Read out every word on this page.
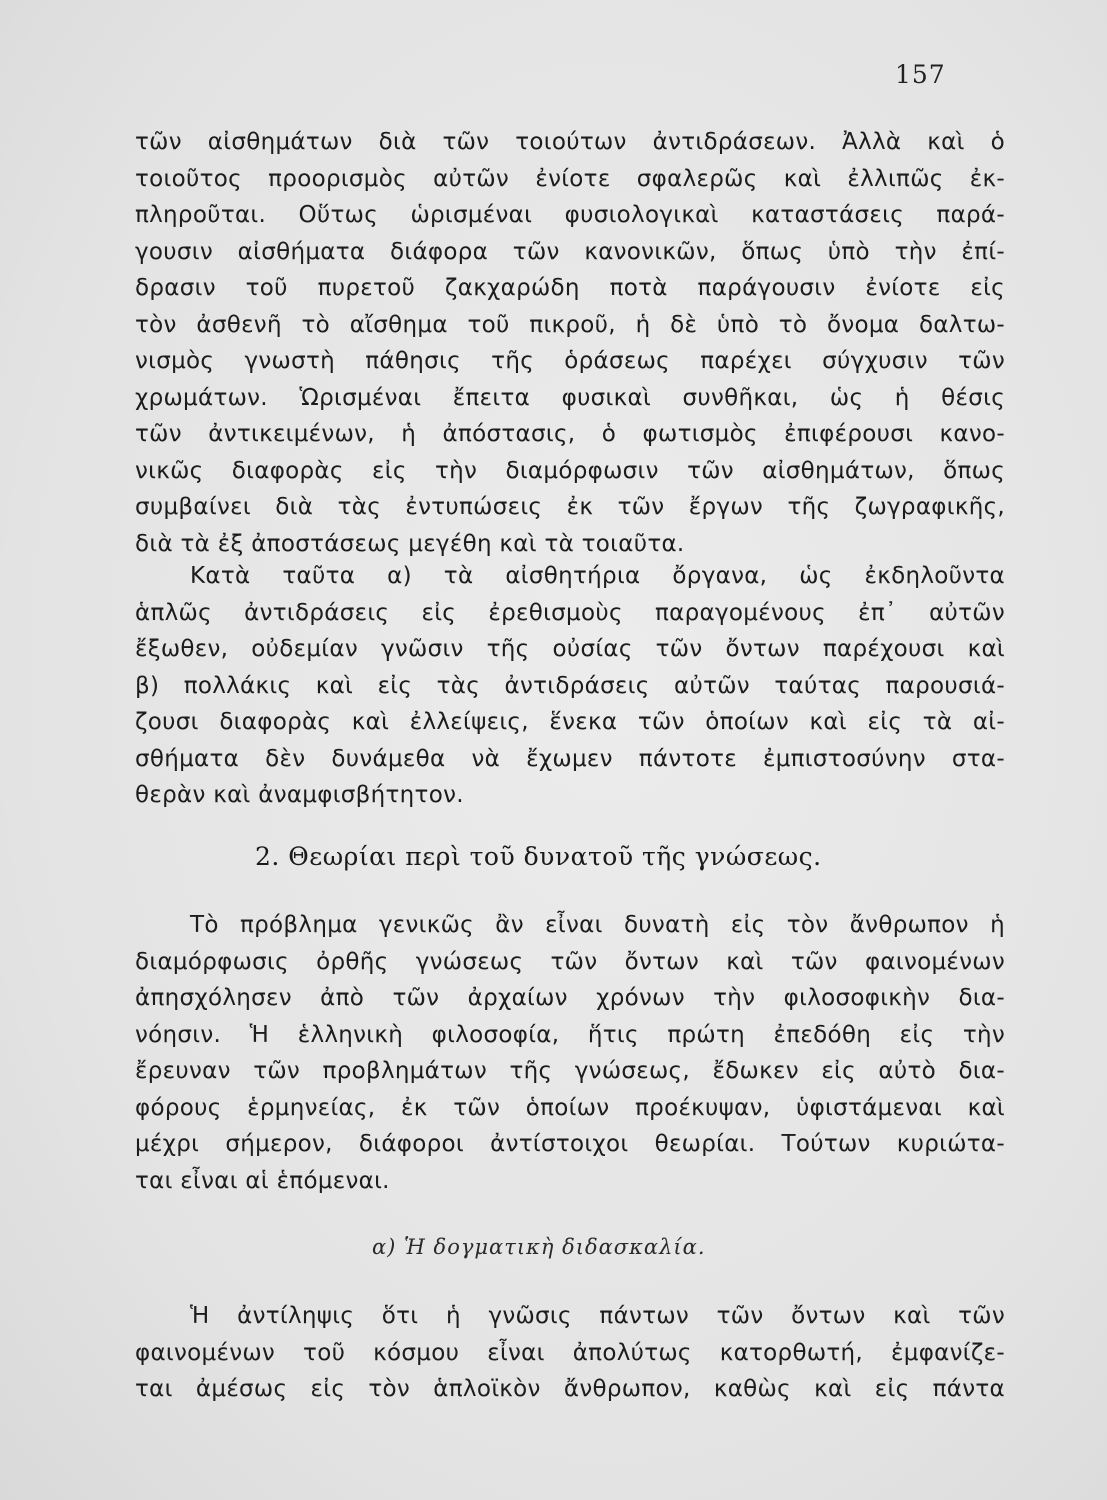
157
τῶν αἰσθημάτων διὰ τῶν τοιούτων ἀντιδράσεων. Ἀλλὰ καὶ ὁ
τοιοῦτος προορισμὸς αὐτῶν ἐνίοτε σφαλερῶς καὶ ἐλλιπῶς ἐκ-
πληροῦται. Οὕτως ὡρισμέναι φυσιολογικαὶ καταστάσεις παρά-
γουσιν αἰσθήματα διάφορα τῶν κανονικῶν, ὅπως ὑπὸ τὴν ἐπί-
δρασιν τοῦ πυρετοῦ ζακχαρώδη ποτὰ παράγουσιν ἐνίοτε εἰς
τὸν ἀσθενῆ τὸ αἴσθημα τοῦ πικροῦ, ἡ δὲ ὑπὸ τὸ ὄνομα δαλτω-
νισμὸς γνωστὴ πάθησις τῆς ὁράσεως παρέχει σύγχυσιν τῶν
χρωμάτων. Ὡρισμέναι ἔπειτα φυσικαὶ συνθῆκαι, ὡς ἡ θέσις
τῶν ἀντικειμένων, ἡ ἀπόστασις, ὁ φωτισμὸς ἐπιφέρουσι κανο-
νικῶς διαφορὰς εἰς τὴν διαμόρφωσιν τῶν αἰσθημάτων, ὅπως
συμβαίνει διὰ τὰς ἐντυπώσεις ἐκ τῶν ἔργων τῆς ζωγραφικῆς,
διὰ τὰ ἐξ ἀποστάσεως μεγέθη καὶ τὰ τοιαῦτα.
Κατὰ ταῦτα α) τὰ αἰσθητήρια ὄργανα, ὡς ἐκδηλοῦντα
ἁπλῶς ἀντιδράσεις εἰς ἐρεθισμοὺς παραγομένους ἐπ᾽ αὐτῶν
ἔξωθεν, οὐδεμίαν γνῶσιν τῆς οὐσίας τῶν ὄντων παρέχουσι καὶ
β) πολλάκις καὶ εἰς τὰς ἀντιδράσεις αὐτῶν ταύτας παρουσιά-
ζουσι διαφορὰς καὶ ἐλλείψεις, ἕνεκα τῶν ὁποίων καὶ εἰς τὰ αἰ-
σθήματα δὲν δυνάμεθα νὰ ἔχωμεν πάντοτε ἐμπιστοσύνην στα-
θερὰν καὶ ἀναμφισβήτητον.
2. Θεωρίαι περὶ τοῦ δυνατοῦ τῆς γνώσεως.
Τὸ πρόβλημα γενικῶς ἂν εἶναι δυνατὴ εἰς τὸν ἄνθρωπον ἡ
διαμόρφωσις ὀρθῆς γνώσεως τῶν ὄντων καὶ τῶν φαινομένων
ἀπησχόλησεν ἀπὸ τῶν ἀρχαίων χρόνων τὴν φιλοσοφικὴν δια-
νόησιν. Ἡ ἑλληνικὴ φιλοσοφία, ἥτις πρώτη ἐπεδόθη εἰς τὴν
ἔρευναν τῶν προβλημάτων τῆς γνώσεως, ἔδωκεν εἰς αὐτὸ δια-
φόρους ἑρμηνείας, ἐκ τῶν ὁποίων προέκυψαν, ὑφιστάμεναι καὶ
μέχρι σήμερον, διάφοροι ἀντίστοιχοι θεωρίαι. Τούτων κυριώτα-
ται εἶναι αἱ ἑπόμεναι.
α) Ἡ δογματικὴ διδασκαλία.
Ἡ ἀντίληψις ὅτι ἡ γνῶσις πάντων τῶν ὄντων καὶ τῶν
φαινομένων τοῦ κόσμου εἶναι ἀπολύτως κατορθωτή, ἐμφανίζε-
ται ἀμέσως εἰς τὸν ἁπλοϊκὸν ἄνθρωπον, καθὼς καὶ εἰς πάντα
